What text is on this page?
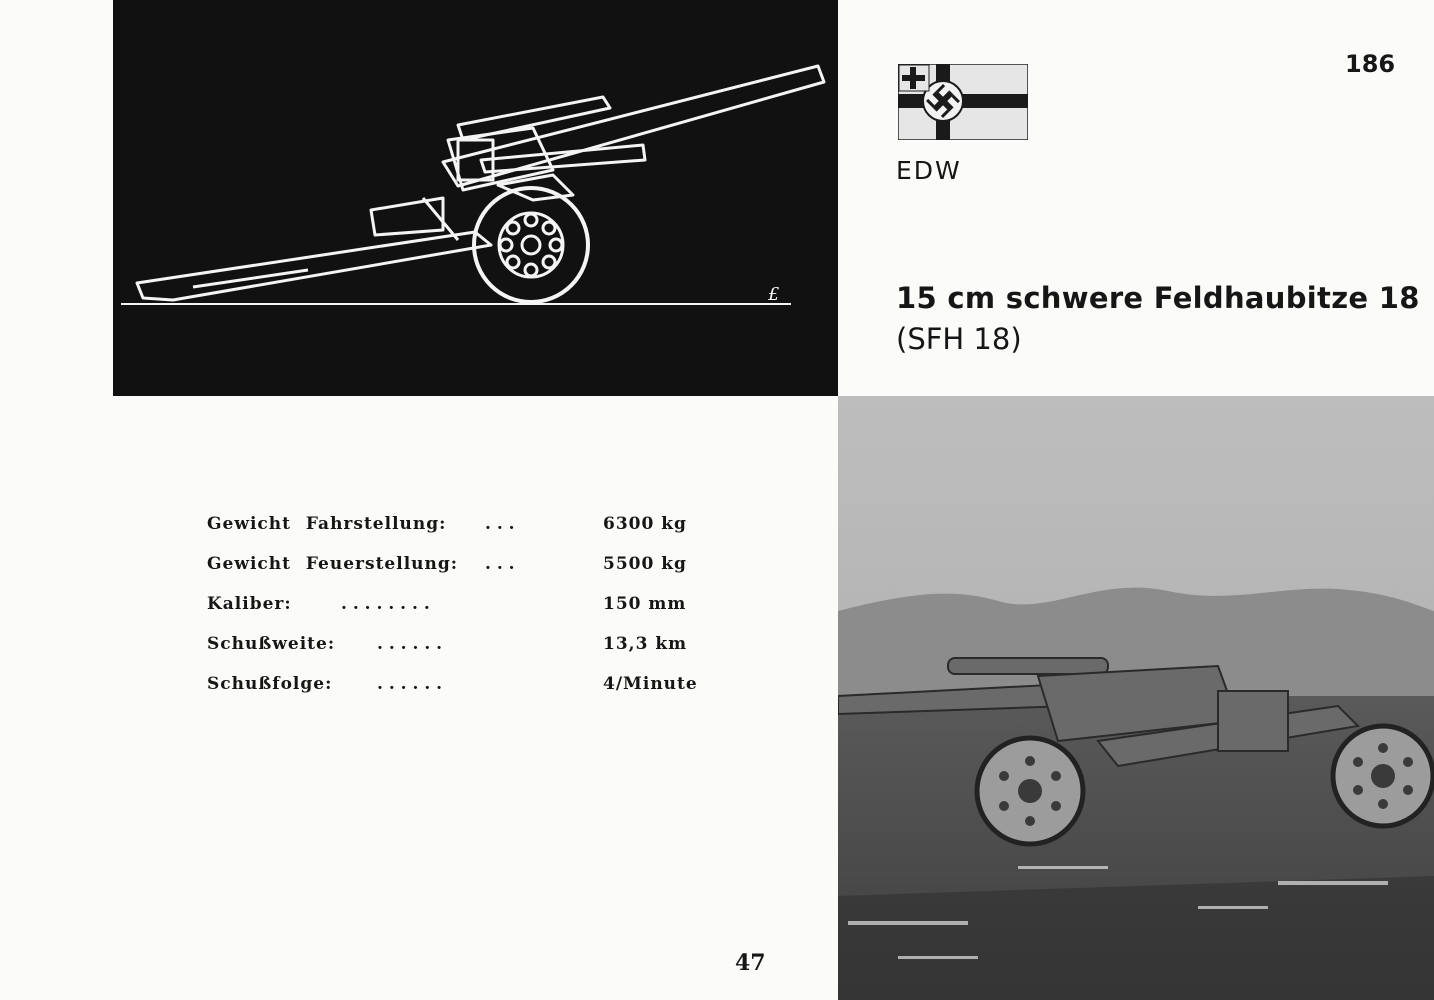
£
186
EDW
15 cm schwere Feldhaubitze 18
(SFH 18)
Gewicht Fahrstellung: . . .	6300 kg
Gewicht Feuerstellung: . . .	5500 kg
Kaliber:	. . . . . . . .	150 mm
Schußweite: . . . . . .	13,3 km
Schußfolge:	. . . . . .	4/Minute
47
